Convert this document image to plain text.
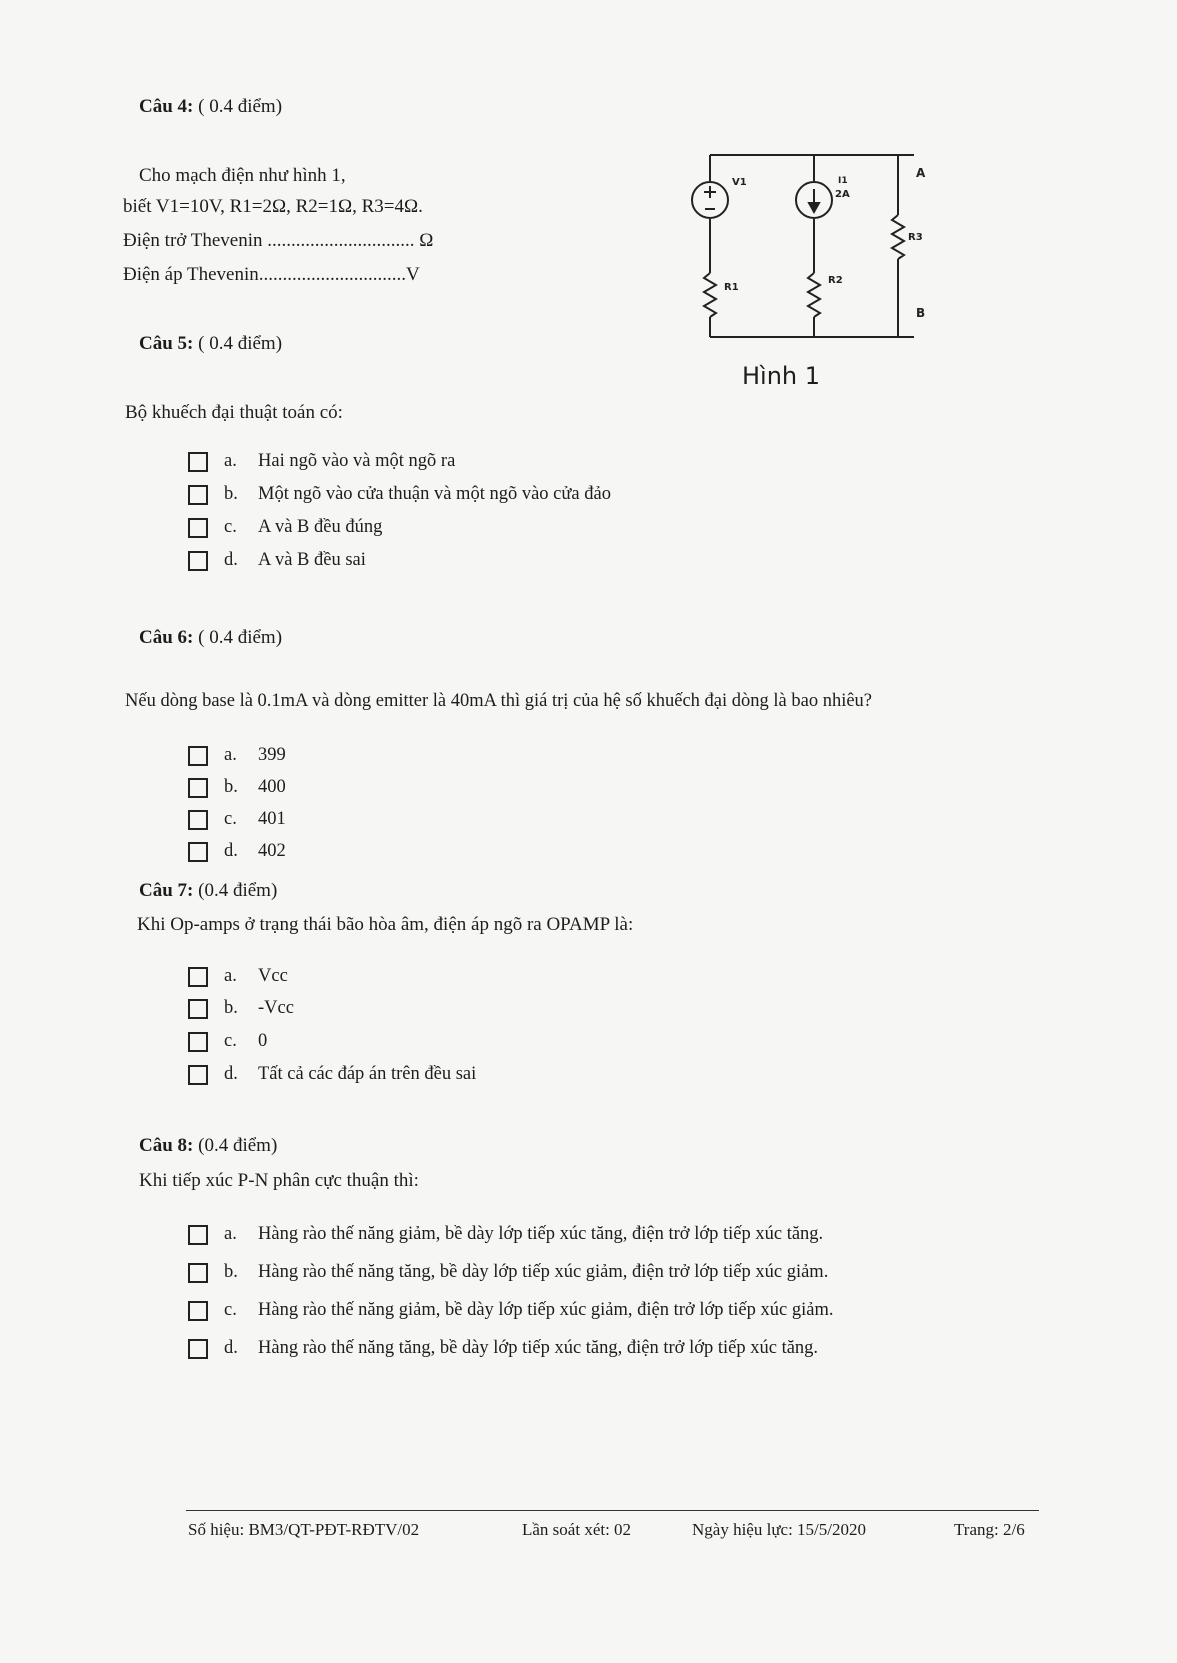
Câu 4: ( 0.4 điểm)
Cho mạch điện như hình 1,
biết V1=10V, R1=2Ω, R2=1Ω, R3=4Ω.
Điện trở Thevenin ............................... Ω
Điện áp Thevenin...............................V
V1	I1
2A
R1
R2
R3
A
B
Hình 1
Câu 5: ( 0.4 điểm)
Bộ khuếch đại thuật toán có:
a.	Hai ngõ vào và một ngõ ra
b.	Một ngõ vào cửa thuận và một ngõ vào cửa đảo
c.	A và B đều đúng
d.	A và B đều sai
Câu 6: ( 0.4 điểm)
Nếu dòng base là 0.1mA và dòng emitter là 40mA thì giá trị của hệ số khuếch đại dòng là bao nhiêu?
a.	399
b.	400
c.	401
d.	402
Câu 7: (0.4 điểm)
Khi Op-amps ở trạng thái bão hòa âm, điện áp ngõ ra OPAMP là:
a.	Vcc
b.	-Vcc
c.	0
d.	Tất cả các đáp án trên đều sai
Câu 8: (0.4 điểm)
Khi tiếp xúc P-N phân cực thuận thì:
a.	Hàng rào thế năng giảm, bề dày lớp tiếp xúc tăng, điện trở lớp tiếp xúc tăng.
b.	Hàng rào thế năng tăng, bề dày lớp tiếp xúc giảm, điện trở lớp tiếp xúc giảm.
c.	Hàng rào thế năng giảm, bề dày lớp tiếp xúc giảm, điện trở lớp tiếp xúc giảm.
d.	Hàng rào thế năng tăng, bề dày lớp tiếp xúc tăng, điện trở lớp tiếp xúc tăng.
Số hiệu: BM3/QT-PĐT-RĐTV/02	Lần soát xét: 02	Ngày hiệu lực: 15/5/2020	Trang: 2/6
